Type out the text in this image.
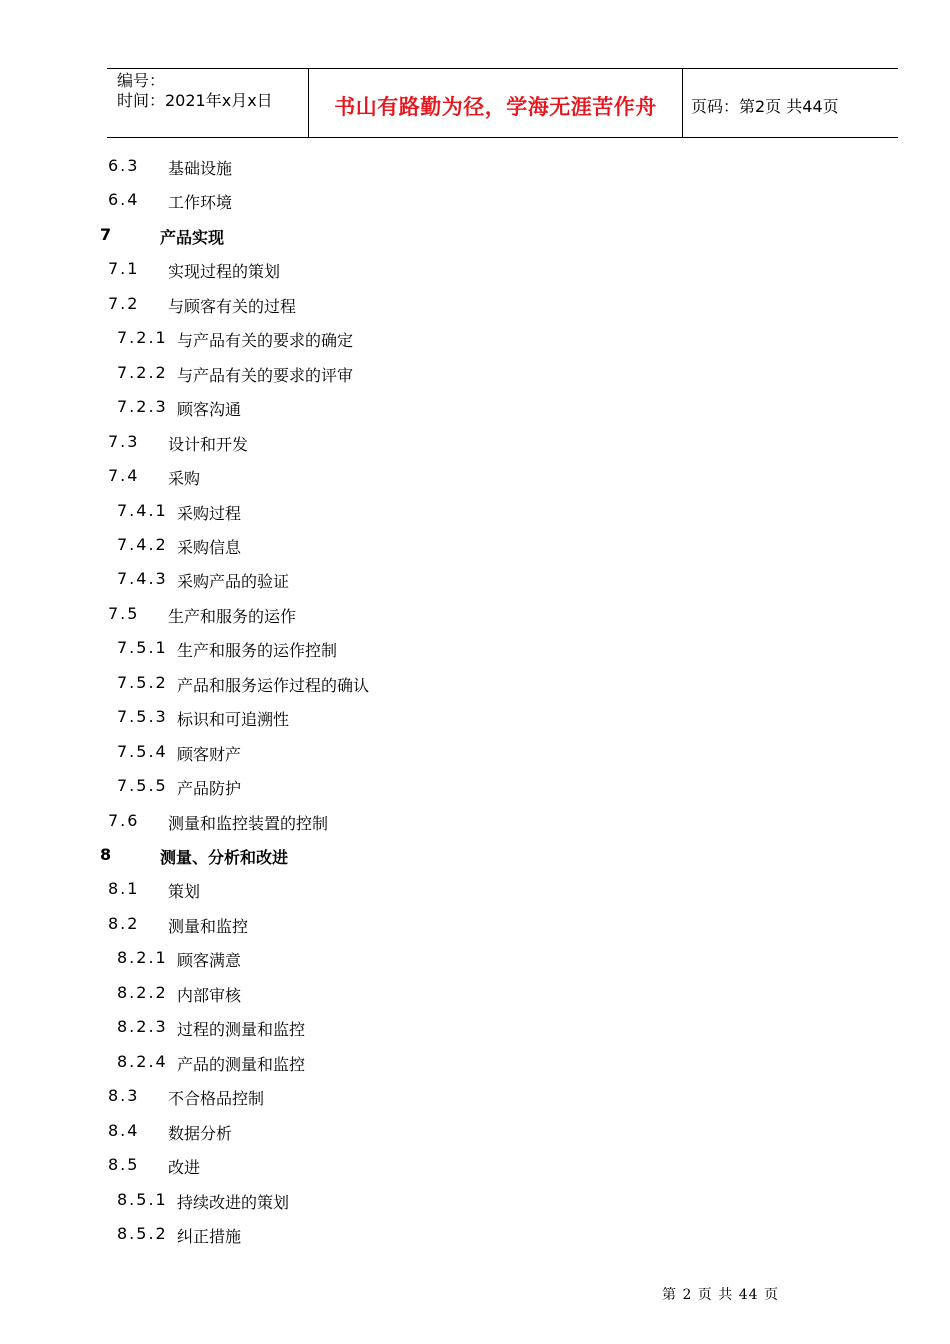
编号：
时间：2021年x月x日	书山有路勤为径，学海无涯苦作舟	页码：第2页 共44页
6.3 基础设施
6.4 工作环境
7	产品实现
7.1 实现过程的策划
7.2 与顾客有关的过程
7.2.1 与产品有关的要求的确定
7.2.2 与产品有关的要求的评审
7.2.3 顾客沟通
7.3 设计和开发
7.4 采购
7.4.1 采购过程
7.4.2 采购信息
7.4.3 采购产品的验证
7.5 生产和服务的运作
7.5.1 生产和服务的运作控制
7.5.2 产品和服务运作过程的确认
7.5.3 标识和可追溯性
7.5.4 顾客财产
7.5.5 产品防护
7.6 测量和监控装置的控制
8	测量、分析和改进
8.1 策划
8.2 测量和监控
8.2.1 顾客满意
8.2.2 内部审核
8.2.3 过程的测量和监控
8.2.4 产品的测量和监控
8.3 不合格品控制
8.4 数据分析
8.5 改进
8.5.1 持续改进的策划
8.5.2 纠正措施
第 2 页 共 44 页
